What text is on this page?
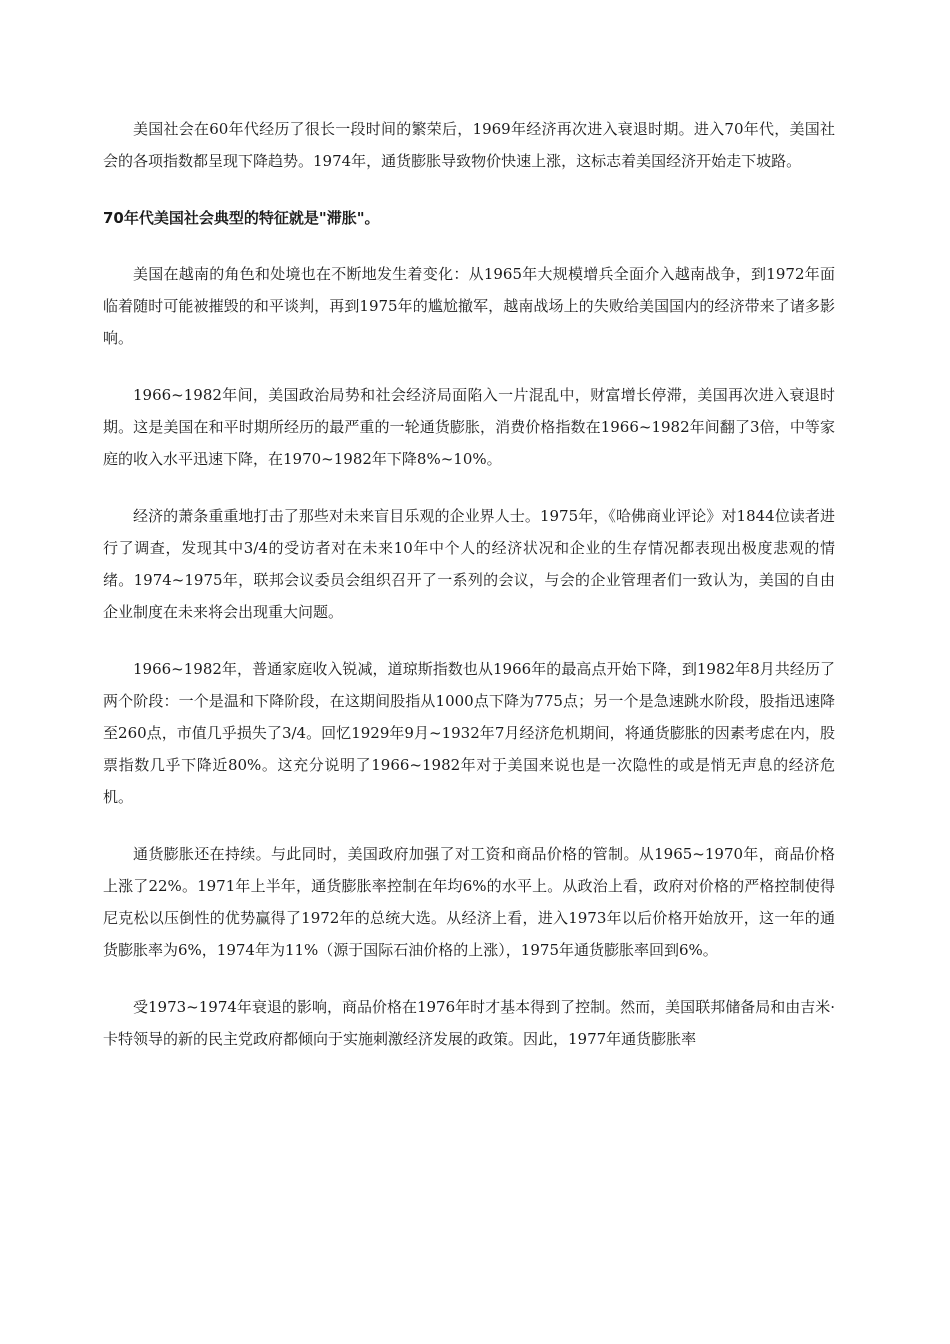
美国社会在60年代经历了很长一段时间的繁荣后，1969年经济再次进入衰退时期。进入70年代，美国社会的各项指数都呈现下降趋势。1974年，通货膨胀导致物价快速上涨，这标志着美国经济开始走下坡路。

70年代美国社会典型的特征就是"滞胀"。

美国在越南的角色和处境也在不断地发生着变化：从1965年大规模增兵全面介入越南战争，到1972年面临着随时可能被摧毁的和平谈判，再到1975年的尴尬撤军，越南战场上的失败给美国国内的经济带来了诸多影响。

1966~1982年间，美国政治局势和社会经济局面陷入一片混乱中，财富增长停滞，美国再次进入衰退时期。这是美国在和平时期所经历的最严重的一轮通货膨胀，消费价格指数在1966~1982年间翻了3倍，中等家庭的收入水平迅速下降，在1970~1982年下降8%~10%。

经济的萧条重重地打击了那些对未来盲目乐观的企业界人士。1975年，《哈佛商业评论》对1844位读者进行了调查，发现其中3/4的受访者对在未来10年中个人的经济状况和企业的生存情况都表现出极度悲观的情绪。1974~1975年，联邦会议委员会组织召开了一系列的会议，与会的企业管理者们一致认为，美国的自由企业制度在未来将会出现重大问题。

1966~1982年，普通家庭收入锐减，道琼斯指数也从1966年的最高点开始下降，到1982年8月共经历了两个阶段：一个是温和下降阶段，在这期间股指从1000点下降为775点；另一个是急速跳水阶段，股指迅速降至260点，市值几乎损失了3/4。回忆1929年9月~1932年7月经济危机期间，将通货膨胀的因素考虑在内，股票指数几乎下降近80%。这充分说明了1966~1982年对于美国来说也是一次隐性的或是悄无声息的经济危机。

通货膨胀还在持续。与此同时，美国政府加强了对工资和商品价格的管制。从1965~1970年，商品价格上涨了22%。1971年上半年，通货膨胀率控制在年均6%的水平上。从政治上看，政府对价格的严格控制使得尼克松以压倒性的优势赢得了1972年的总统大选。从经济上看，进入1973年以后价格开始放开，这一年的通货膨胀率为6%，1974年为11%（源于国际石油价格的上涨），1975年通货膨胀率回到6%。

受1973~1974年衰退的影响，商品价格在1976年时才基本得到了控制。然而，美国联邦储备局和由吉米·卡特领导的新的民主党政府都倾向于实施刺激经济发展的政策。因此，1977年通货膨胀率
